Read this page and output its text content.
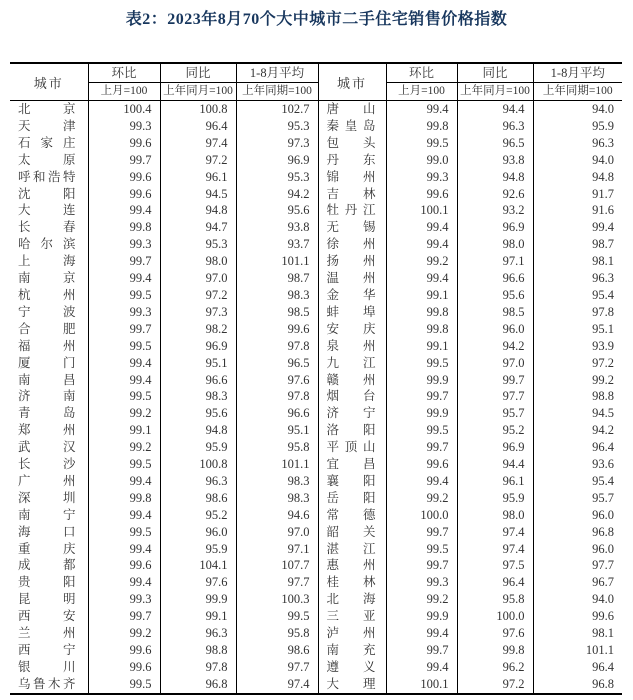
表2：2023年8月70个大中城市二手住宅销售价格指数
城市	环比	同比	1-8月平均	城市	环比	同比	1-8月平均
	上月=100	上年同月=100	上年同期=100		上月=100	上年同月=100	上年同期=100

北 京	100.4	100.8	102.7	唐 山	99.4	94.4	94.0

天 津	99.3	96.4	95.3	秦 皇 岛	99.8	96.3	95.9

石 家 庄	99.6	97.4	97.3	包 头	99.5	96.5	96.3

太 原	99.7	97.2	96.9	丹 东	99.0	93.8	94.0

呼 和 浩 特	99.6	96.1	95.3	锦 州	99.3	94.8	94.8

沈 阳	99.6	94.5	94.2	吉 林	99.6	92.6	91.7

大 连	99.4	94.8	95.6	牡 丹 江	100.1	93.2	91.6

长 春	99.8	94.7	93.8	无 锡	99.4	96.9	99.4

哈 尔 滨	99.3	95.3	93.7	徐 州	99.4	98.0	98.7

上 海	99.7	98.0	101.1	扬 州	99.2	97.1	98.1

南 京	99.4	97.0	98.7	温 州	99.4	96.6	96.3

杭 州	99.5	97.2	98.3	金 华	99.1	95.6	95.4

宁 波	99.3	97.3	98.5	蚌 埠	99.8	98.5	97.8

合 肥	99.7	98.2	99.6	安 庆	99.8	96.0	95.1

福 州	99.5	96.9	97.8	泉 州	99.1	94.2	93.9

厦 门	99.4	95.1	96.5	九 江	99.5	97.0	97.2

南 昌	99.4	96.6	97.6	赣 州	99.9	99.7	99.2

济 南	99.5	98.3	97.8	烟 台	99.7	97.7	98.8

青 岛	99.2	95.6	96.6	济 宁	99.9	95.7	94.5

郑 州	99.1	94.8	95.1	洛 阳	99.5	95.2	94.2

武 汉	99.2	95.9	95.8	平 顶 山	99.7	96.9	96.4

长 沙	99.5	100.8	101.1	宜 昌	99.6	94.4	93.6

广 州	99.4	96.3	98.3	襄 阳	99.4	96.1	95.4

深 圳	99.8	98.6	98.3	岳 阳	99.2	95.9	95.7

南 宁	99.4	95.2	94.6	常 德	100.0	98.0	96.0

海 口	99.5	96.0	97.0	韶 关	99.7	97.4	96.8

重 庆	99.4	95.9	97.1	湛 江	99.5	97.4	96.0

成 都	99.6	104.1	107.7	惠 州	99.7	97.5	97.7

贵 阳	99.4	97.6	97.7	桂 林	99.3	96.4	96.7

昆 明	99.3	99.9	100.3	北 海	99.2	95.8	94.0

西 安	99.7	99.1	99.5	三 亚	99.9	100.0	99.6

兰 州	99.2	96.3	95.8	泸 州	99.4	97.6	98.1

西 宁	99.6	98.8	98.6	南 充	99.7	99.8	101.1

银 川	99.6	97.8	97.7	遵 义	99.4	96.2	96.4

乌 鲁 木 齐	99.5	96.8	97.4	大 理	100.1	97.2	96.8
